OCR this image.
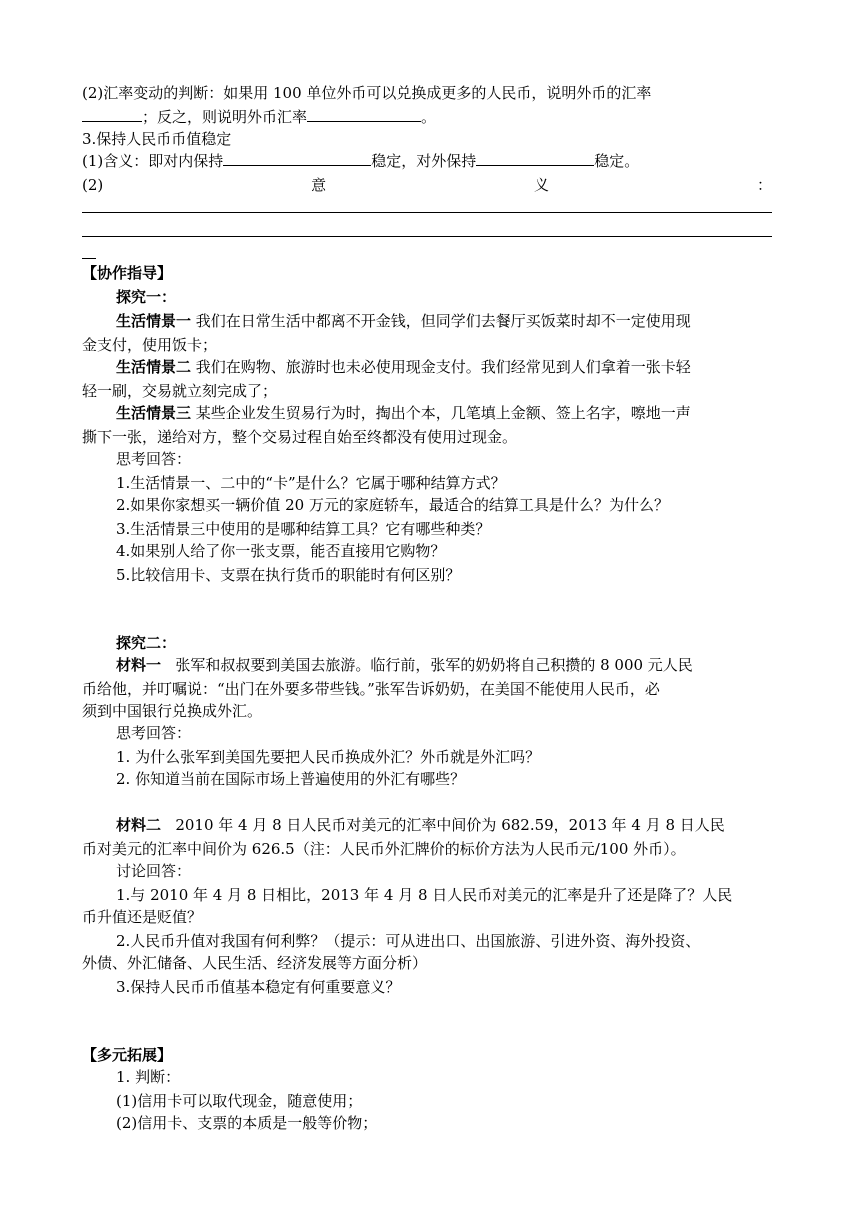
(2)汇率变动的判断：如果用 100 单位外币可以兑换成更多的人民币，说明外币的汇率
；反之，则说明外币汇率	。
3.保持人民币币值稳定
(1)含义：即对内保持	稳定，对外保持	稳定。
(2)	意	义	：
【协作指导】
探究一：
生活情景一 我们在日常生活中都离不开金钱，但同学们去餐厅买饭菜时却不一定使用现
金支付，使用饭卡；
生活情景二 我们在购物、旅游时也未必使用现金支付。我们经常见到人们拿着一张卡轻
轻一刷，交易就立刻完成了；
生活情景三 某些企业发生贸易行为时，掏出个本，几笔填上金额、签上名字，嚓地一声
撕下一张，递给对方，整个交易过程自始至终都没有使用过现金。
思考回答：
1.生活情景一、二中的“卡”是什么？它属于哪种结算方式？
2.如果你家想买一辆价值 20 万元的家庭轿车，最适合的结算工具是什么？为什么？
3.生活情景三中使用的是哪种结算工具？它有哪些种类？
4.如果别人给了你一张支票，能否直接用它购物？
5.比较信用卡、支票在执行货币的职能时有何区别？
探究二：
材料一 张军和叔叔要到美国去旅游。临行前，张军的奶奶将自己积攒的 8 000 元人民
币给他，并叮嘱说：“出门在外要多带些钱。”张军告诉奶奶，在美国不能使用人民币，必
须到中国银行兑换成外汇。
思考回答：
1. 为什么张军到美国先要把人民币换成外汇？外币就是外汇吗？
2. 你知道当前在国际市场上普遍使用的外汇有哪些？
材料二 2010 年 4 月 8 日人民币对美元的汇率中间价为 682.59，2013 年 4 月 8 日人民
币对美元的汇率中间价为 626.5（注：人民币外汇牌价的标价方法为人民币元/100 外币）。
讨论回答：
1.与 2010 年 4 月 8 日相比，2013 年 4 月 8 日人民币对美元的汇率是升了还是降了？人民
币升值还是贬值？
2.人民币升值对我国有何利弊？（提示：可从进出口、出国旅游、引进外资、海外投资、
外债、外汇储备、人民生活、经济发展等方面分析）
3.保持人民币币值基本稳定有何重要意义？
【多元拓展】
1. 判断：
(1)信用卡可以取代现金，随意使用；
(2)信用卡、支票的本质是一般等价物；
